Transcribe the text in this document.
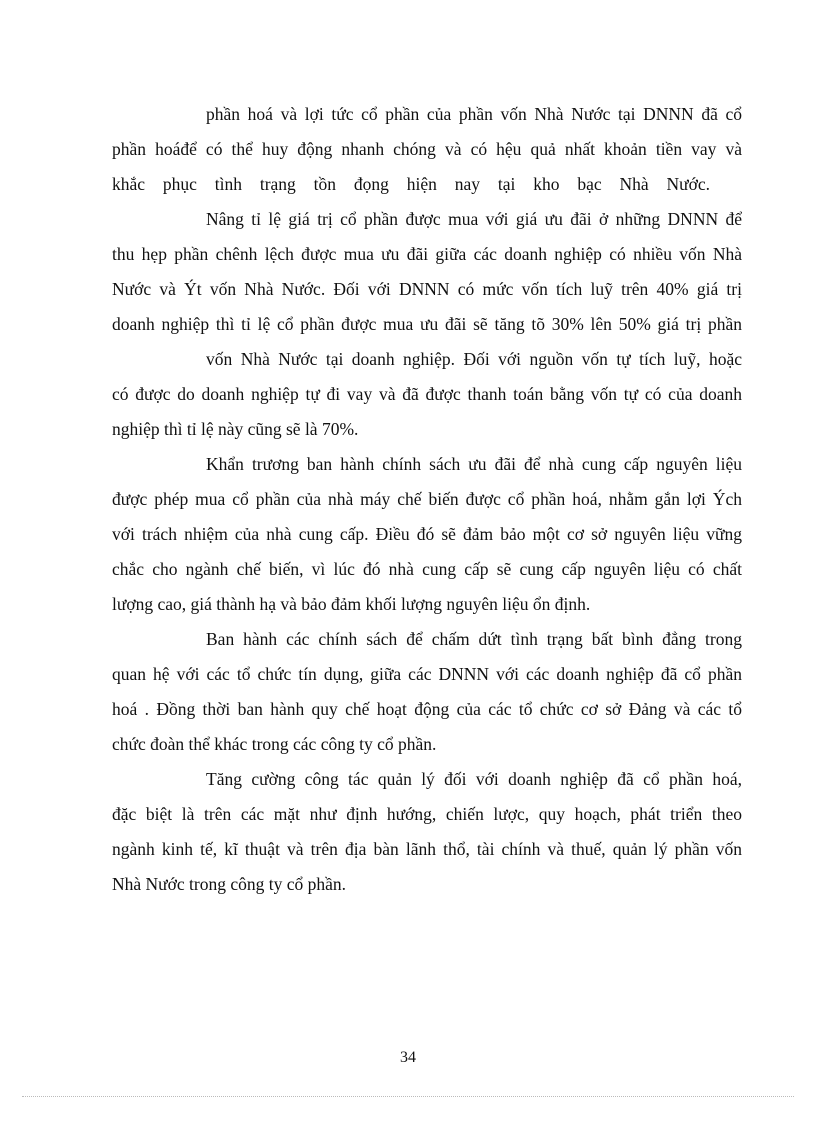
phần hoá và lợi tức cổ phần của phần vốn Nhà Nước tại DNNN đã cổ
phần hoáđể có thể huy động nhanh chóng và có hệu quả nhất khoản tiền vay và
khắc phục tình trạng tồn đọng hiện nay tại kho bạc Nhà Nước.
Nâng tỉ lệ giá trị cổ phần được mua với giá ưu đãi ở những DNNN để
thu hẹp phần chênh lệch được mua ưu đãi giữa các doanh nghiệp có nhiều vốn Nhà
Nước và Ýt vốn Nhà Nước. Đối với DNNN có mức vốn tích luỹ trên 40% giá trị
doanh nghiệp thì tỉ lệ cổ phần được mua ưu đãi sẽ tăng tõ 30% lên 50% giá trị phần
vốn Nhà Nước tại doanh nghiệp. Đối với nguồn vốn tự tích luỹ, hoặc
có được do doanh nghiệp tự đi vay và đã được thanh toán bằng vốn tự có của doanh
nghiệp thì tỉ lệ này cũng sẽ là 70%.
Khẩn trương ban hành chính sách ưu đãi để nhà cung cấp nguyên liệu
được phép mua cổ phần của nhà máy chế biến được cổ phần hoá, nhằm gắn lợi Ých
với trách nhiệm của nhà cung cấp. Điều đó sẽ đảm bảo một cơ sở nguyên liệu vững
chắc cho ngành chế biến, vì lúc đó nhà cung cấp sẽ cung cấp nguyên liệu có chất
lượng cao, giá thành hạ và bảo đảm khối lượng nguyên liệu ổn định.
Ban hành các chính sách để chấm dứt tình trạng bất bình đẳng trong
quan hệ với các tổ chức tín dụng, giữa các DNNN với các doanh nghiệp đã cổ phần
hoá . Đồng thời ban hành quy chế hoạt động của các tổ chức cơ sở Đảng và các tổ
chức đoàn thể khác trong các công ty cổ phần.
Tăng cường công tác quản lý đối với doanh nghiệp đã cổ phần hoá,
đặc biệt là trên các mặt như định hướng, chiến lược, quy hoạch, phát triển theo
ngành kinh tế, kĩ thuật và trên địa bàn lãnh thổ, tài chính và thuế, quản lý phần vốn
Nhà Nước trong công ty cổ phần.
34
